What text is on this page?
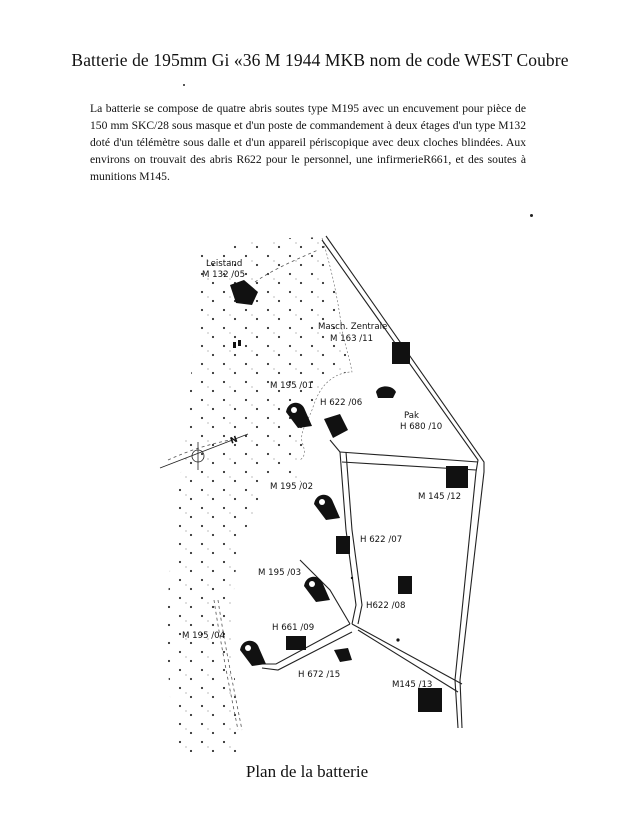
Batterie de 195mm Gi «36 M 1944 MKB nom de code WEST Coubre
La batterie se compose de quatre abris soutes type M195 avec un encuvement pour pièce de 150 mm SKC/28 sous masque et d'un poste de commandement à deux étages d'un type M132 doté d'un télémètre sous dalle et d'un appareil périscopique avec deux cloches blindées. Aux environs on trouvait des abris R622 pour le personnel, une infirmerieR661, et des soutes à munitions M145.
N
Leistand
M 132 /05
Masch. Zentrale
M 163 /11
M 195 /01
H 622 /06
Pak
H 680 /10
M 195 /02
M 145 /12
H 622 /07
M 195 /03
H622 /08
H 661 /09
M 195 /04
H 672 /15
M145 /13
Plan de la batterie
